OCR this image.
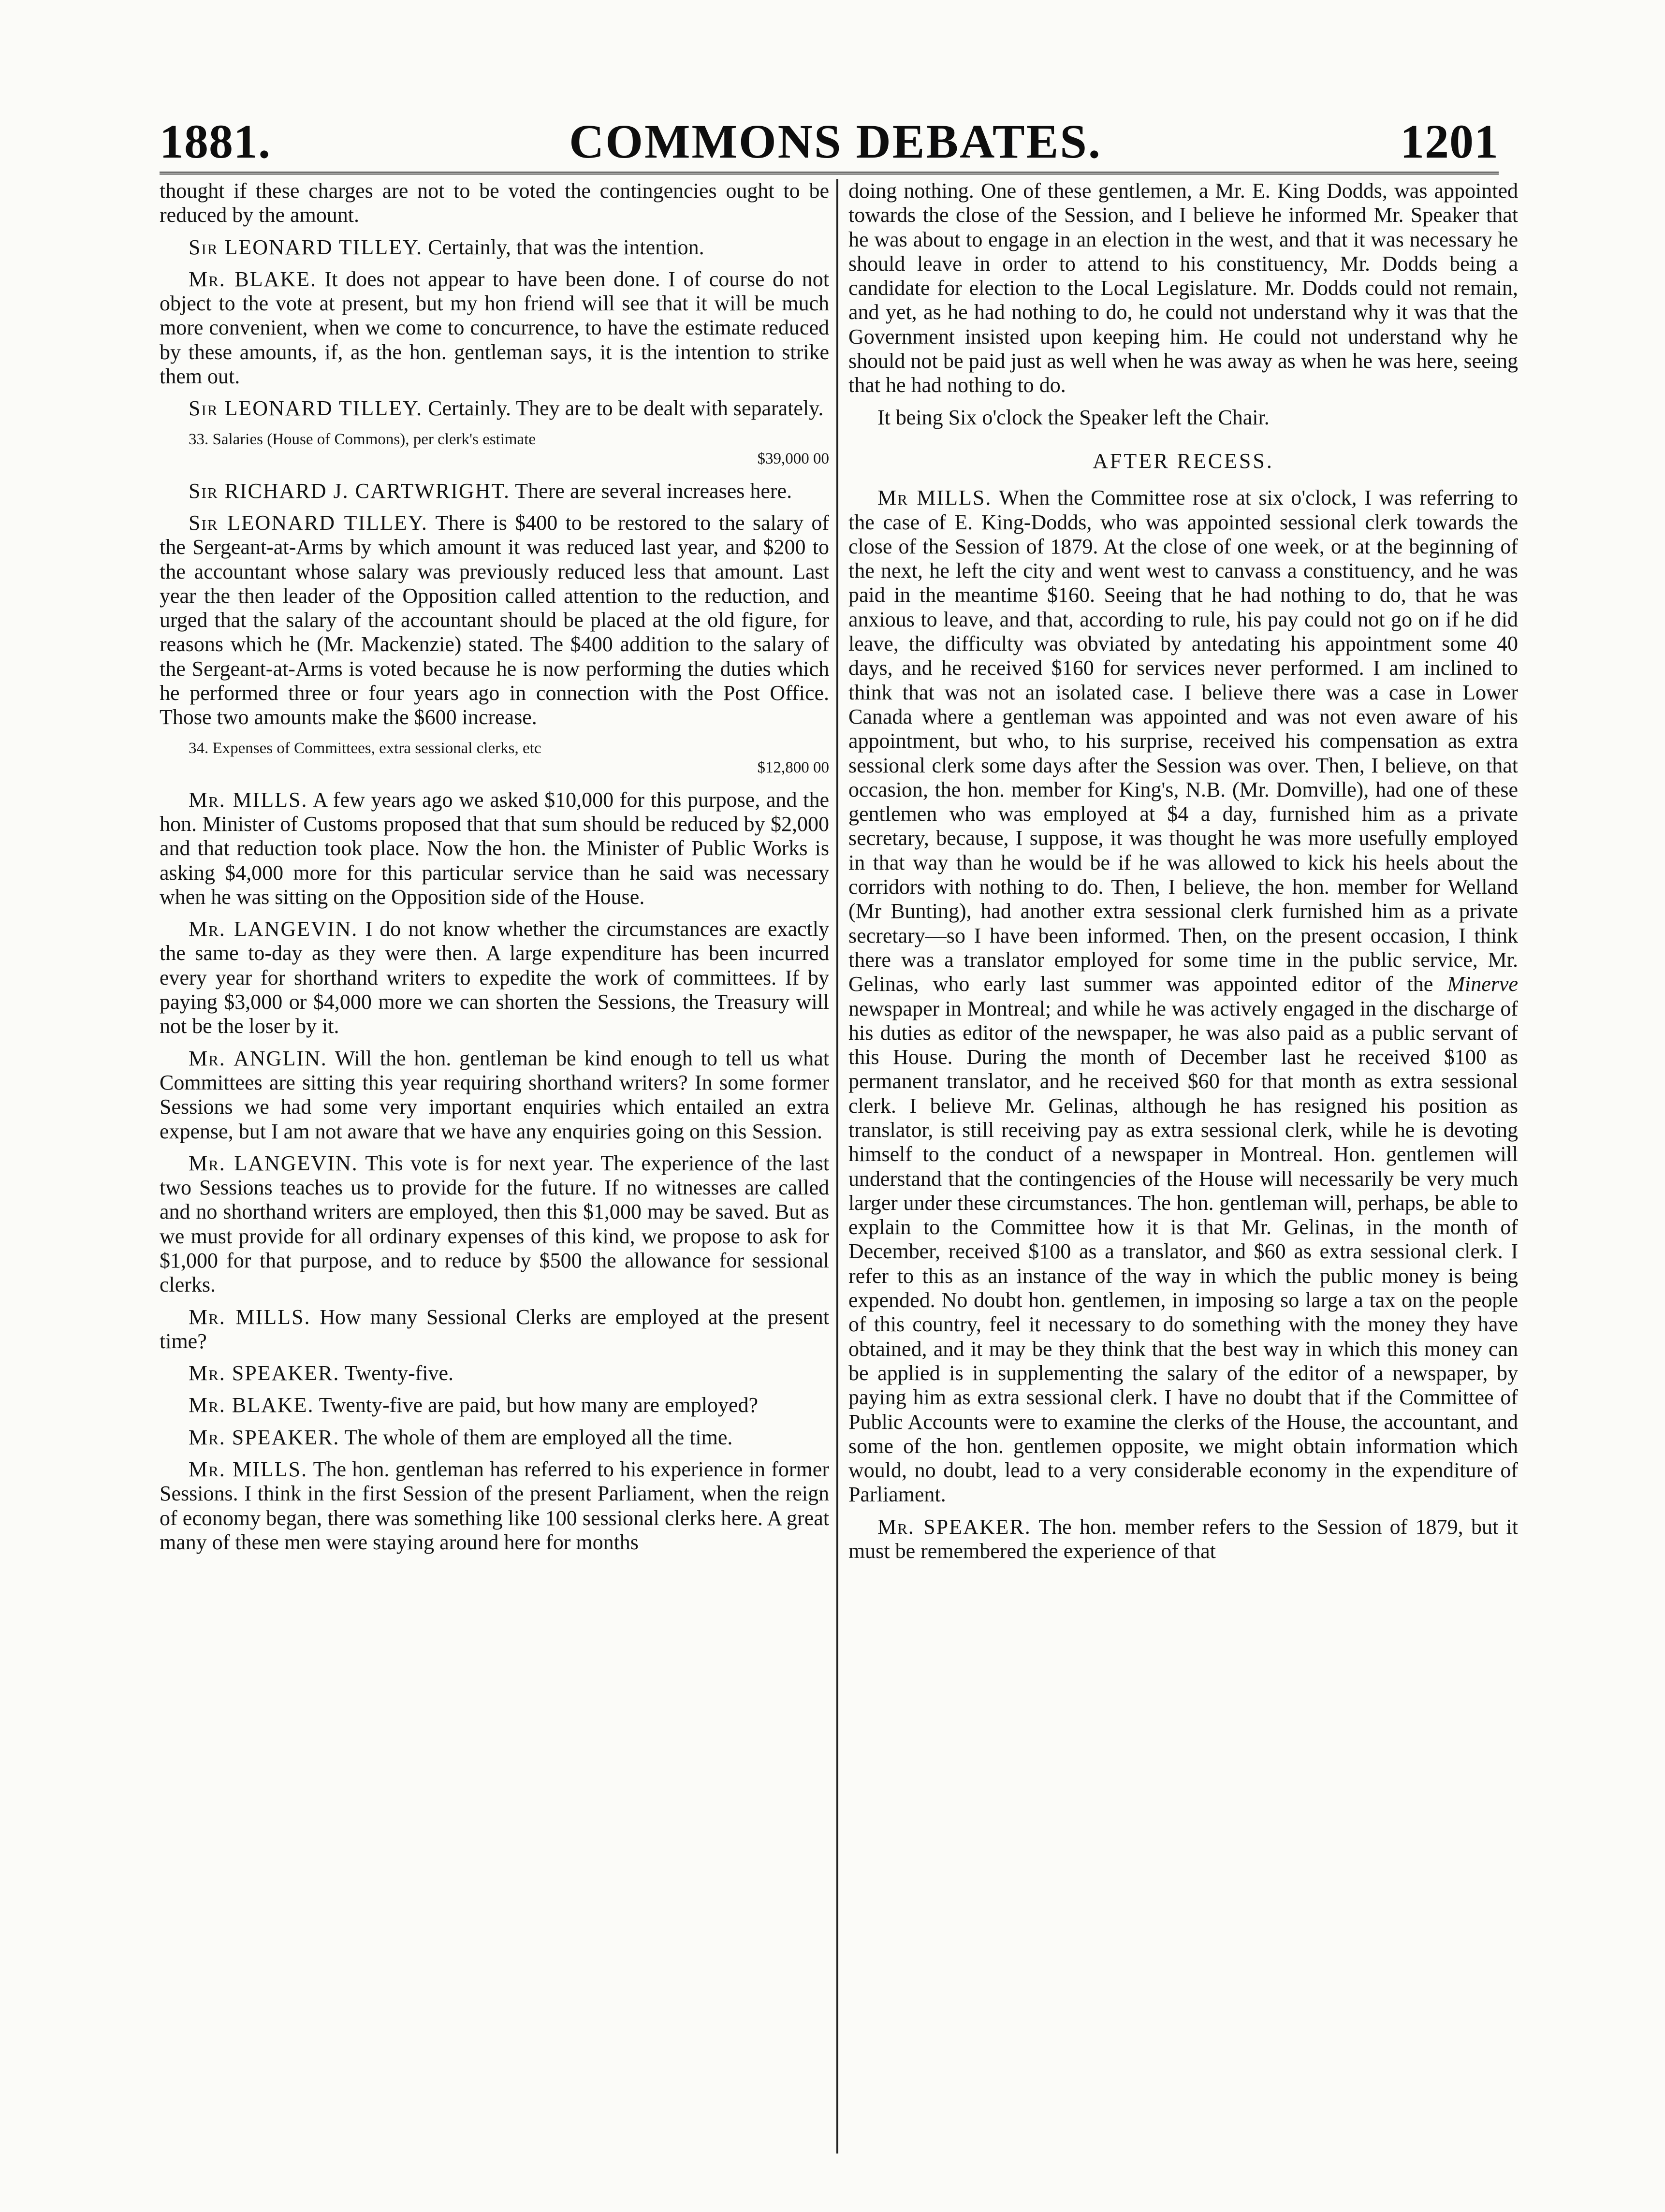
1881.	COMMONS DEBATES.	1201

thought if these charges are not to be voted the contingencies ought to be reduced by the amount.

Sir LEONARD TILLEY. Certainly, that was the intention.

Mr. BLAKE. It does not appear to have been done. I of course do not object to the vote at present, but my hon friend will see that it will be much more convenient, when we come to concurrence, to have the estimate reduced by these amounts, if, as the hon. gentleman says, it is the intention to strike them out.

Sir LEONARD TILLEY. Certainly. They are to be dealt with separately.

33. Salaries (House of Commons), per clerk's estimate
$39,000 00

Sir RICHARD J. CARTWRIGHT. There are several increases here.

Sir LEONARD TILLEY. There is $400 to be restored to the salary of the Sergeant-at-Arms by which amount it was reduced last year, and $200 to the accountant whose salary was previously reduced less that amount. Last year the then leader of the Opposition called attention to the reduction, and urged that the salary of the accountant should be placed at the old figure, for reasons which he (Mr. Mackenzie) stated. The $400 addition to the salary of the Sergeant-at-Arms is voted because he is now performing the duties which he performed three or four years ago in connection with the Post Office. Those two amounts make the $600 increase.

34. Expenses of Committees, extra sessional clerks, etc
$12,800 00

Mr. MILLS. A few years ago we asked $10,000 for this purpose, and the hon. Minister of Customs proposed that that sum should be reduced by $2,000 and that reduction took place. Now the hon. the Minister of Public Works is asking $4,000 more for this particular service than he said was necessary when he was sitting on the Opposition side of the House.

Mr. LANGEVIN. I do not know whether the circumstances are exactly the same to-day as they were then. A large expenditure has been incurred every year for shorthand writers to expedite the work of committees. If by paying $3,000 or $4,000 more we can shorten the Sessions, the Treasury will not be the loser by it.

Mr. ANGLIN. Will the hon. gentleman be kind enough to tell us what Committees are sitting this year requiring shorthand writers? In some former Sessions we had some very important enquiries which entailed an extra expense, but I am not aware that we have any enquiries going on this Session.

Mr. LANGEVIN. This vote is for next year. The experience of the last two Sessions teaches us to provide for the future. If no witnesses are called and no shorthand writers are employed, then this $1,000 may be saved. But as we must provide for all ordinary expenses of this kind, we propose to ask for $1,000 for that purpose, and to reduce by $500 the allowance for sessional clerks.

Mr. MILLS. How many Sessional Clerks are employed at the present time?

Mr. SPEAKER. Twenty-five.

Mr. BLAKE. Twenty-five are paid, but how many are employed?

Mr. SPEAKER. The whole of them are employed all the time.

Mr. MILLS. The hon. gentleman has referred to his experience in former Sessions. I think in the first Session of the present Parliament, when the reign of economy began, there was something like 100 sessional clerks here. A great many of these men were staying around here for months

doing nothing. One of these gentlemen, a Mr. E. King Dodds, was appointed towards the close of the Session, and I believe he informed Mr. Speaker that he was about to engage in an election in the west, and that it was necessary he should leave in order to attend to his constituency, Mr. Dodds being a candidate for election to the Local Legislature. Mr. Dodds could not remain, and yet, as he had nothing to do, he could not understand why it was that the Government insisted upon keeping him. He could not understand why he should not be paid just as well when he was away as when he was here, seeing that he had nothing to do.

It being Six o'clock the Speaker left the Chair.

AFTER RECESS.

Mr MILLS. When the Committee rose at six o'clock, I was referring to the case of E. King-Dodds, who was appointed sessional clerk towards the close of the Session of 1879. At the close of one week, or at the beginning of the next, he left the city and went west to canvass a constituency, and he was paid in the meantime $160. Seeing that he had nothing to do, that he was anxious to leave, and that, according to rule, his pay could not go on if he did leave, the difficulty was obviated by antedating his appointment some 40 days, and he received $160 for services never performed. I am inclined to think that was not an isolated case. I believe there was a case in Lower Canada where a gentleman was appointed and was not even aware of his appointment, but who, to his surprise, received his compensation as extra sessional clerk some days after the Session was over. Then, I believe, on that occasion, the hon. member for King's, N.B. (Mr. Domville), had one of these gentlemen who was employed at $4 a day, furnished him as a private secretary, because, I suppose, it was thought he was more usefully employed in that way than he would be if he was allowed to kick his heels about the corridors with nothing to do. Then, I believe, the hon. member for Welland (Mr Bunting), had another extra sessional clerk furnished him as a private secretary—so I have been informed. Then, on the present occasion, I think there was a translator employed for some time in the public service, Mr. Gelinas, who early last summer was appointed editor of the Minerve newspaper in Montreal; and while he was actively engaged in the discharge of his duties as editor of the newspaper, he was also paid as a public servant of this House. During the month of December last he received $100 as permanent translator, and he received $60 for that month as extra sessional clerk. I believe Mr. Gelinas, although he has resigned his position as translator, is still receiving pay as extra sessional clerk, while he is devoting himself to the conduct of a newspaper in Montreal. Hon. gentlemen will understand that the contingencies of the House will necessarily be very much larger under these circumstances. The hon. gentleman will, perhaps, be able to explain to the Committee how it is that Mr. Gelinas, in the month of December, received $100 as a translator, and $60 as extra sessional clerk. I refer to this as an instance of the way in which the public money is being expended. No doubt hon. gentlemen, in imposing so large a tax on the people of this country, feel it necessary to do something with the money they have obtained, and it may be they think that the best way in which this money can be applied is in supplementing the salary of the editor of a newspaper, by paying him as extra sessional clerk. I have no doubt that if the Committee of Public Accounts were to examine the clerks of the House, the accountant, and some of the hon. gentlemen opposite, we might obtain information which would, no doubt, lead to a very considerable economy in the expenditure of Parliament.

Mr. SPEAKER. The hon. member refers to the Session of 1879, but it must be remembered the experience of that
